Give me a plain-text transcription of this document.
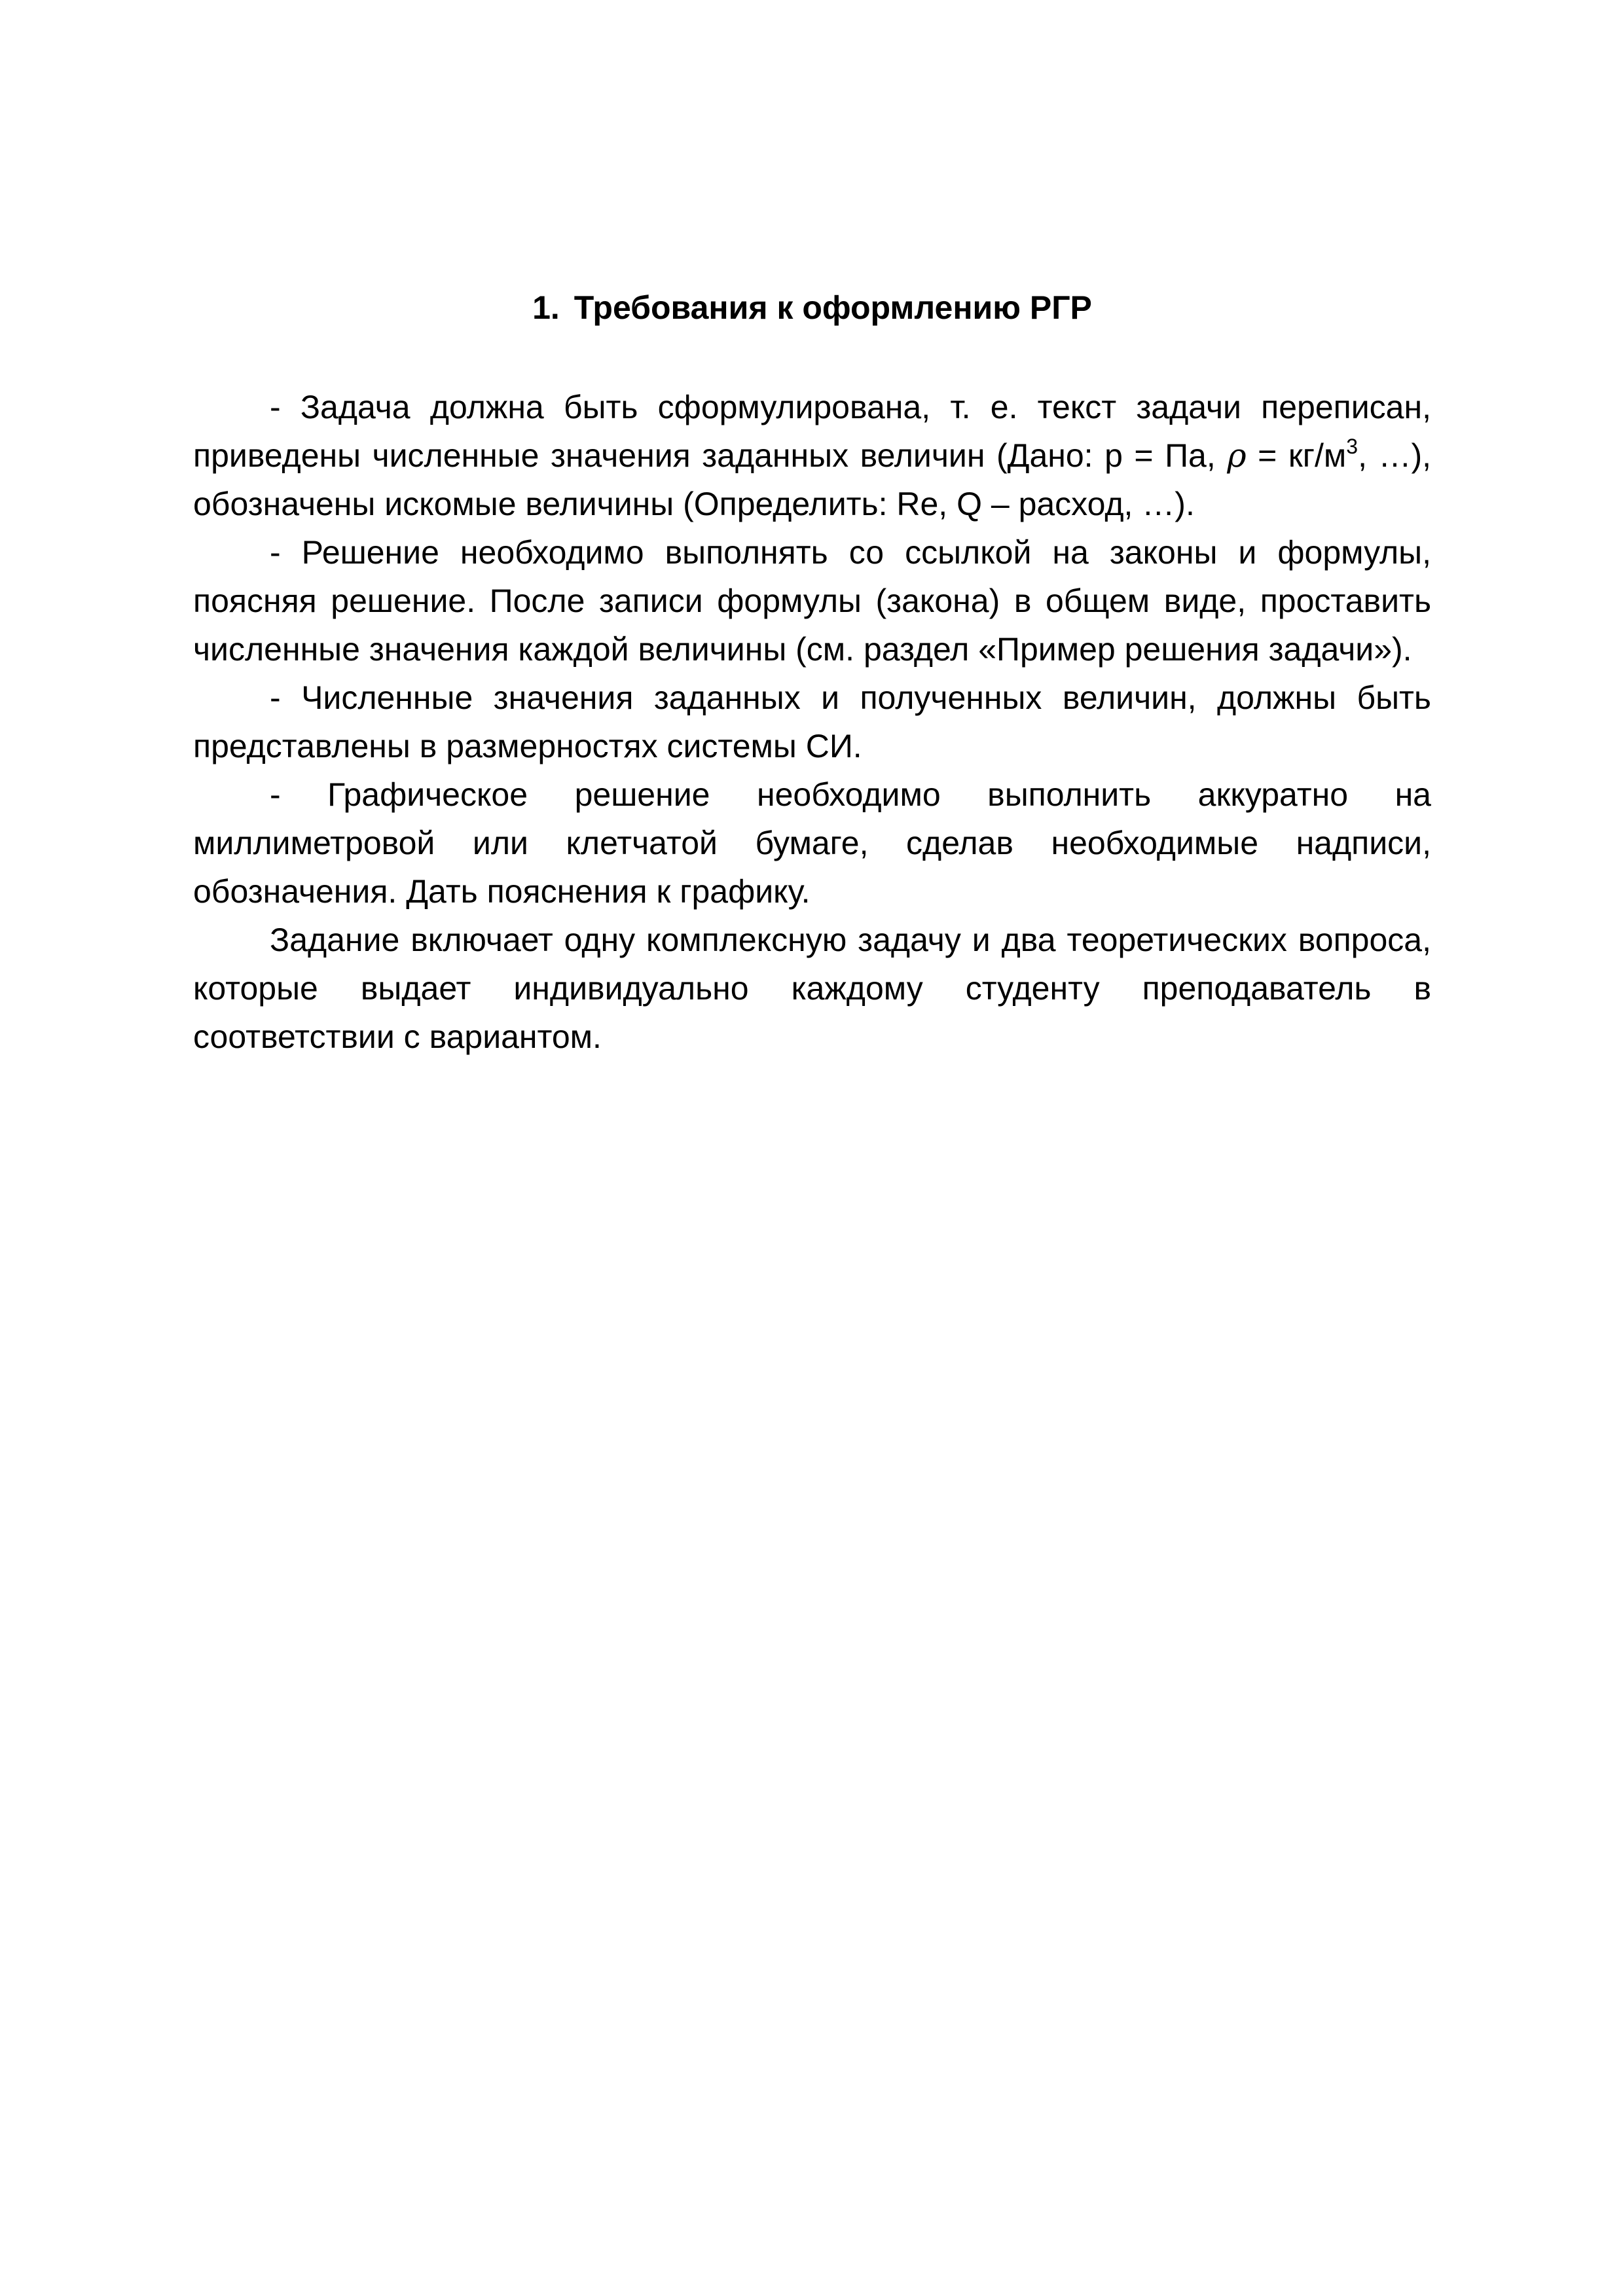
1. Требования к оформлению РГР

- Задача должна быть сформулирована, т. е. текст задачи переписан, приведены численные значения заданных величин (Дано: p = Па, $\rho = кг/м^3$, …), обозначены искомые величины (Определить: Re, Q – расход, …).

- Решение необходимо выполнять со ссылкой на законы и формулы, поясняя решение. После записи формулы (закона) в общем виде, проставить численные значения каждой величины (см. раздел «Пример решения задачи»).

- Численные значения заданных и полученных величин, должны быть представлены в размерностях системы СИ.

- Графическое решение необходимо выполнить аккуратно на миллиметровой или клетчатой бумаге, сделав необходимые надписи, обозначения. Дать пояснения к графику.

Задание включает одну комплексную задачу и два теоретических вопроса, которые выдает индивидуально каждому студенту преподаватель в соответствии с вариантом.
